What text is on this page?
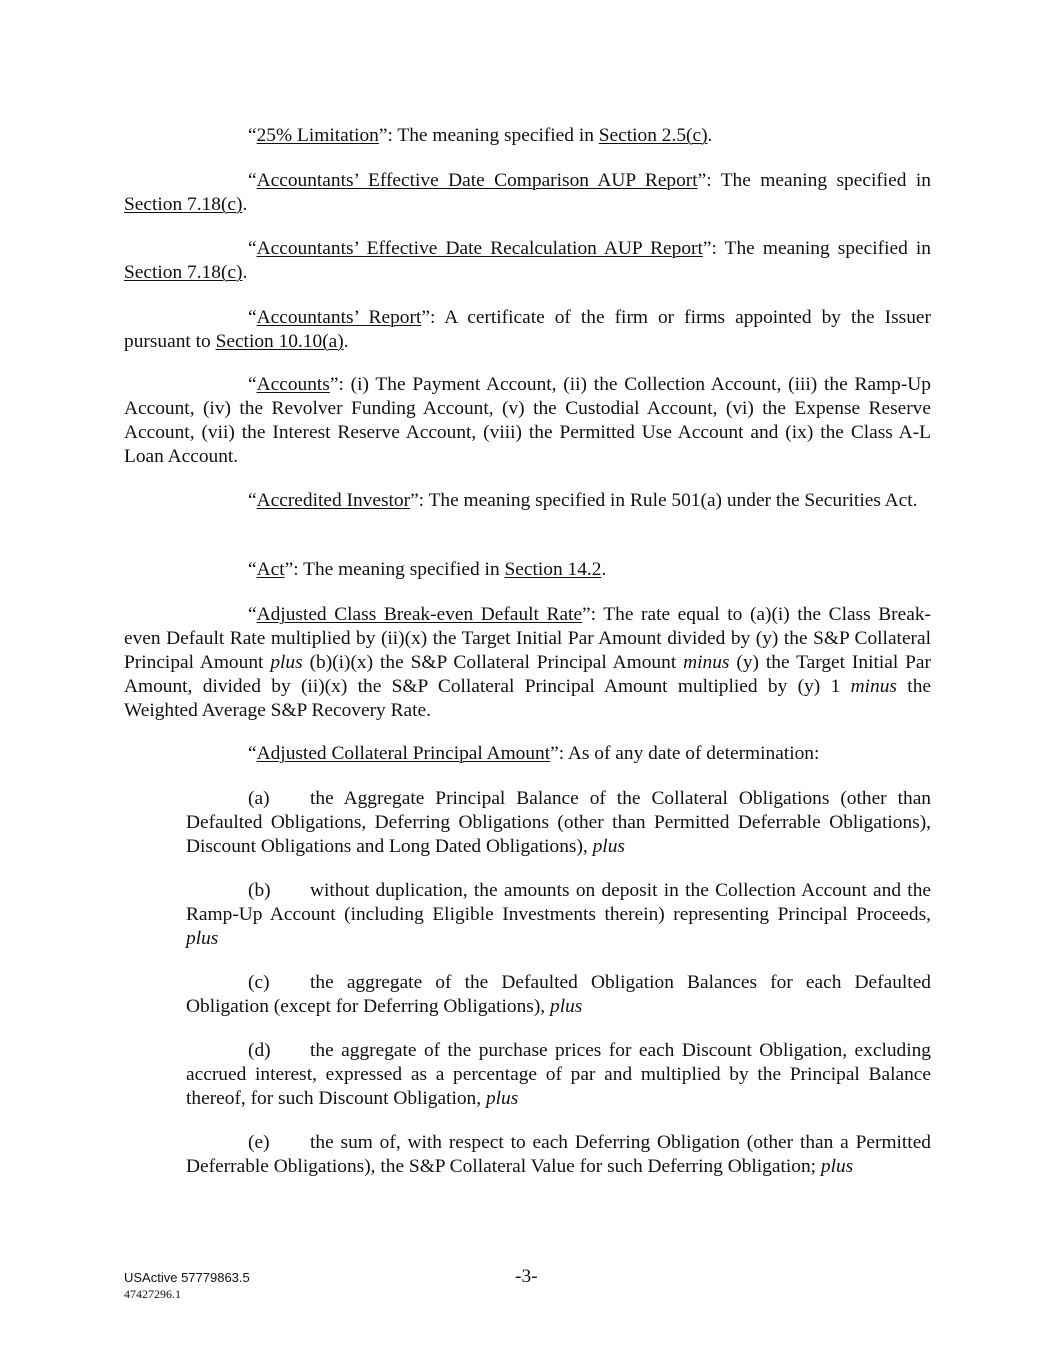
“25% Limitation”: The meaning specified in Section 2.5(c).

“Accountants’ Effective Date Comparison AUP Report”: The meaning specified in Section 7.18(c).

“Accountants’ Effective Date Recalculation AUP Report”: The meaning specified in Section 7.18(c).

“Accountants’ Report”: A certificate of the firm or firms appointed by the Issuer pursuant to Section 10.10(a).

“Accounts”: (i) The Payment Account, (ii) the Collection Account, (iii) the Ramp-Up Account, (iv) the Revolver Funding Account, (v) the Custodial Account, (vi) the Expense Reserve Account, (vii) the Interest Reserve Account, (viii) the Permitted Use Account and (ix) the Class A-L Loan Account.

“Accredited Investor”: The meaning specified in Rule 501(a) under the Securities Act.

“Act”: The meaning specified in Section 14.2.

“Adjusted Class Break-even Default Rate”: The rate equal to (a)(i) the Class Break-even Default Rate multiplied by (ii)(x) the Target Initial Par Amount divided by (y) the S&P Collateral Principal Amount plus (b)(i)(x) the S&P Collateral Principal Amount minus (y) the Target Initial Par Amount, divided by (ii)(x) the S&P Collateral Principal Amount multiplied by (y) 1 minus the Weighted Average S&P Recovery Rate.

“Adjusted Collateral Principal Amount”: As of any date of determination:

(a) the Aggregate Principal Balance of the Collateral Obligations (other than Defaulted Obligations, Deferring Obligations (other than Permitted Deferrable Obligations), Discount Obligations and Long Dated Obligations), plus

(b) without duplication, the amounts on deposit in the Collection Account and the Ramp-Up Account (including Eligible Investments therein) representing Principal Proceeds, plus

(c) the aggregate of the Defaulted Obligation Balances for each Defaulted Obligation (except for Deferring Obligations), plus

(d) the aggregate of the purchase prices for each Discount Obligation, excluding accrued interest, expressed as a percentage of par and multiplied by the Principal Balance thereof, for such Discount Obligation, plus

(e) the sum of, with respect to each Deferring Obligation (other than a Permitted Deferrable Obligations), the S&P Collateral Value for such Deferring Obligation; plus

USActive 57779863.5
47427296.1
-3-
